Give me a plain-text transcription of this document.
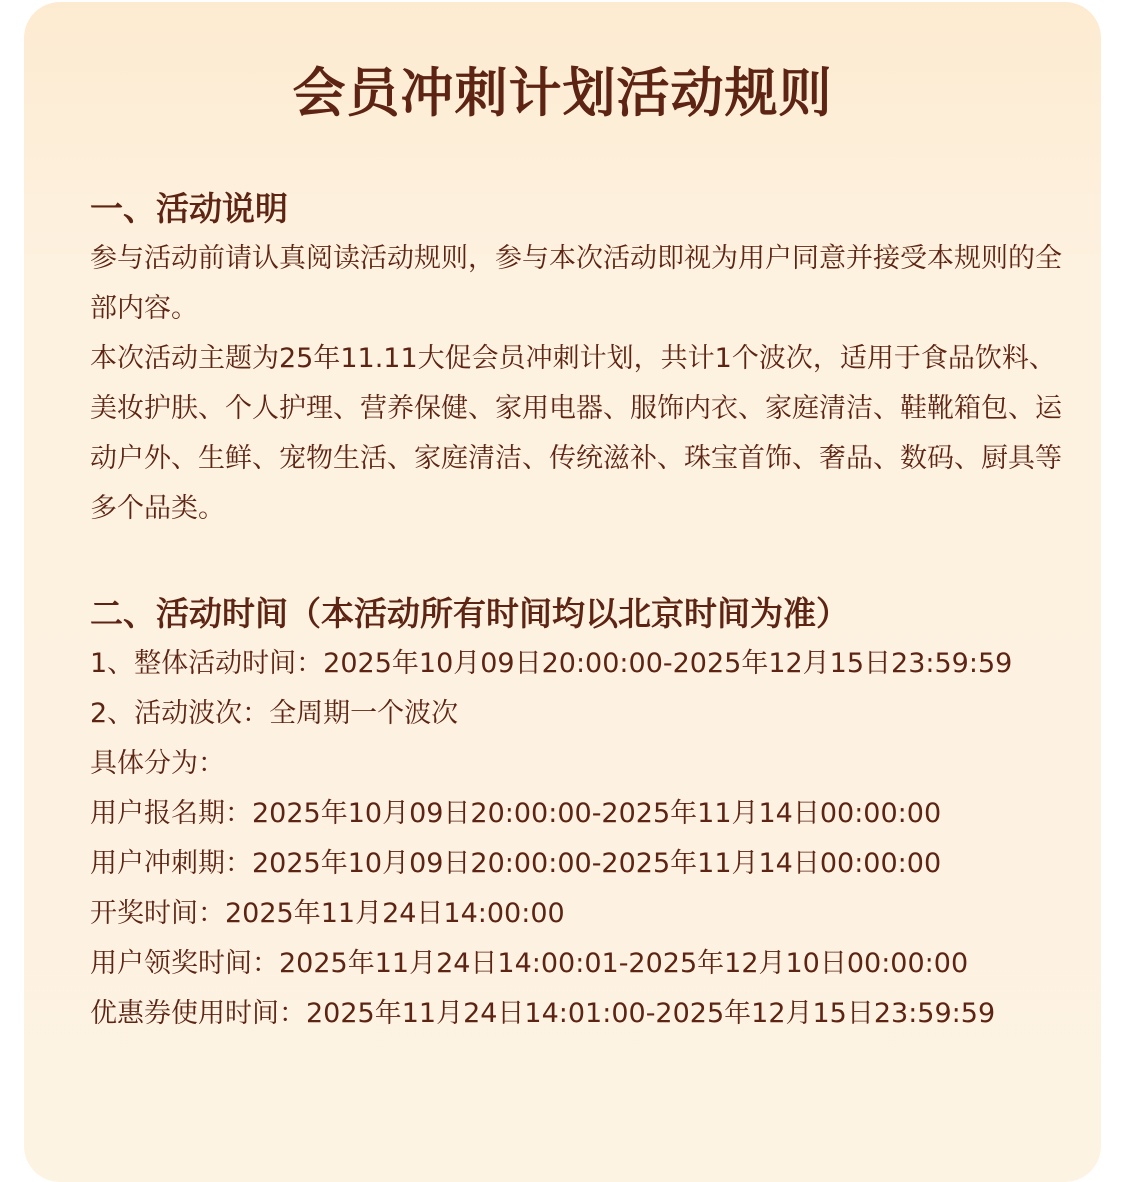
会员冲刺计划活动规则
一、活动说明

参与活动前请认真阅读活动规则，参与本次活动即视为用户同意并接受本规则的全部内容。

本次活动主题为25年11.11大促会员冲刺计划，共计1个波次，适用于食品饮料、美妆护肤、个人护理、营养保健、家用电器、服饰内衣、家庭清洁、鞋靴箱包、运动户外、生鲜、宠物生活、家庭清洁、传统滋补、珠宝首饰、奢品、数码、厨具等多个品类。

二、活动时间（本活动所有时间均以北京时间为准）

1、整体活动时间：2025年10月09日20:00:00-2025年12月15日23:59:59

2、活动波次：全周期一个波次

具体分为：

用户报名期：2025年10月09日20:00:00-2025年11月14日00:00:00

用户冲刺期：2025年10月09日20:00:00-2025年11月14日00:00:00

开奖时间：2025年11月24日14:00:00

用户领奖时间：2025年11月24日14:00:01-2025年12月10日00:00:00

优惠券使用时间：2025年11月24日14:01:00-2025年12月15日23:59:59
